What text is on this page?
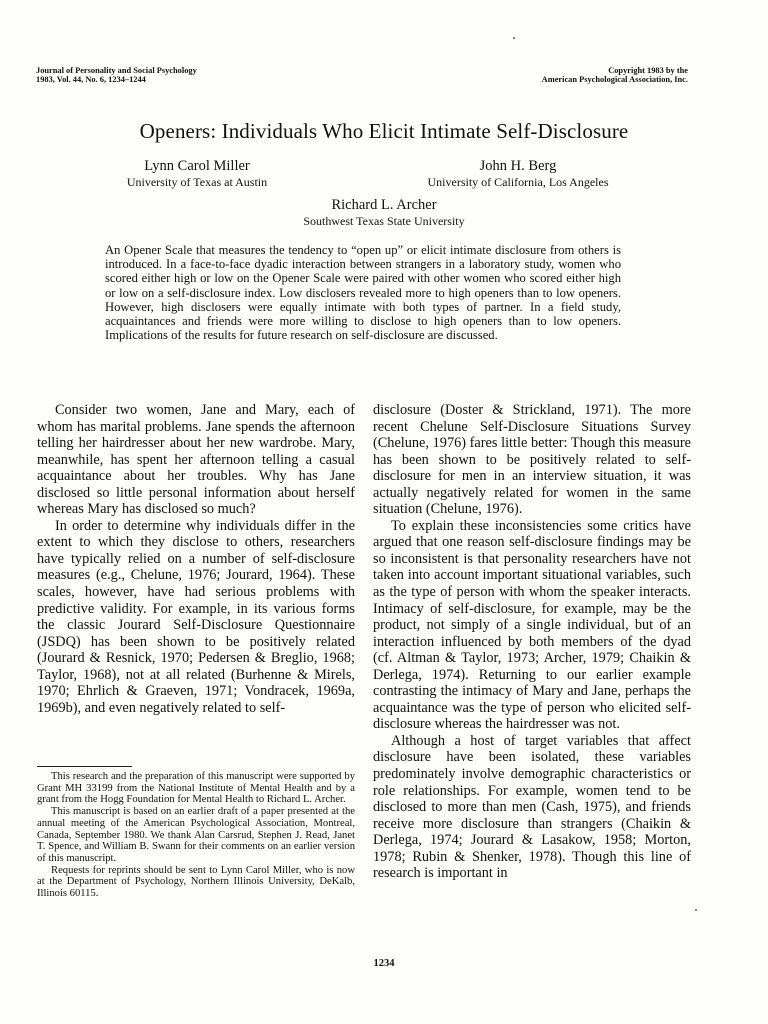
Journal of Personality and Social Psychology
1983, Vol. 44, No. 6, 1234–1244
Copyright 1983 by the
American Psychological Association, Inc.
Openers: Individuals Who Elicit Intimate Self-Disclosure
Lynn Carol Miller
University of Texas at Austin
John H. Berg
University of California, Los Angeles
Richard L. Archer
Southwest Texas State University

An Opener Scale that measures the tendency to “open up” or elicit intimate disclosure from others is introduced. In a face-to-face dyadic interaction between strangers in a laboratory study, women who scored either high or low on the Opener Scale were paired with other women who scored either high or low on a self-disclosure index. Low disclosers revealed more to high openers than to low openers. However, high disclosers were equally intimate with both types of partner. In a field study, acquaintances and friends were more willing to disclose to high openers than to low openers. Implications of the results for future research on self-disclosure are discussed.

Consider two women, Jane and Mary, each of whom has marital problems. Jane spends the afternoon telling her hairdresser about her new wardrobe. Mary, meanwhile, has spent her afternoon telling a casual acquaintance about her troubles. Why has Jane disclosed so little personal information about herself whereas Mary has disclosed so much?

In order to determine why individuals differ in the extent to which they disclose to others, researchers have typically relied on a number of self-disclosure measures (e.g., Chelune, 1976; Jourard, 1964). These scales, however, have had serious problems with predictive validity. For example, in its various forms the classic Jourard Self-Disclosure Questionnaire (JSDQ) has been shown to be positively related (Jourard & Resnick, 1970; Pedersen & Breglio, 1968; Taylor, 1968), not at all related (Burhenne & Mirels, 1970; Ehrlich & Graeven, 1971; Vondracek, 1969a, 1969b), and even negatively related to self-

disclosure (Doster & Strickland, 1971). The more recent Chelune Self-Disclosure Situations Survey (Chelune, 1976) fares little better: Though this measure has been shown to be positively related to self-disclosure for men in an interview situation, it was actually negatively related for women in the same situation (Chelune, 1976).

To explain these inconsistencies some critics have argued that one reason self-disclosure findings may be so inconsistent is that personality researchers have not taken into account important situational variables, such as the type of person with whom the speaker interacts. Intimacy of self-disclosure, for example, may be the product, not simply of a single individual, but of an interaction influenced by both members of the dyad (cf. Altman & Taylor, 1973; Archer, 1979; Chaikin & Derlega, 1974). Returning to our earlier example contrasting the intimacy of Mary and Jane, perhaps the acquaintance was the type of person who elicited self-disclosure whereas the hairdresser was not.

Although a host of target variables that affect disclosure have been isolated, these variables predominately involve demographic characteristics or role relationships. For example, women tend to be disclosed to more than men (Cash, 1975), and friends receive more disclosure than strangers (Chaikin & Derlega, 1974; Jourard & Lasakow, 1958; Morton, 1978; Rubin & Shenker, 1978). Though this line of research is important in

This research and the preparation of this manuscript were supported by Grant MH 33199 from the National Institute of Mental Health and by a grant from the Hogg Foundation for Mental Health to Richard L. Archer.

This manuscript is based on an earlier draft of a paper presented at the annual meeting of the American Psychological Association, Montreal, Canada, September 1980. We thank Alan Carsrud, Stephen J. Read, Janet T. Spence, and William B. Swann for their comments on an earlier version of this manuscript.

Requests for reprints should be sent to Lynn Carol Miller, who is now at the Department of Psychology, Northern Illinois University, DeKalb, Illinois 60115.

1234
